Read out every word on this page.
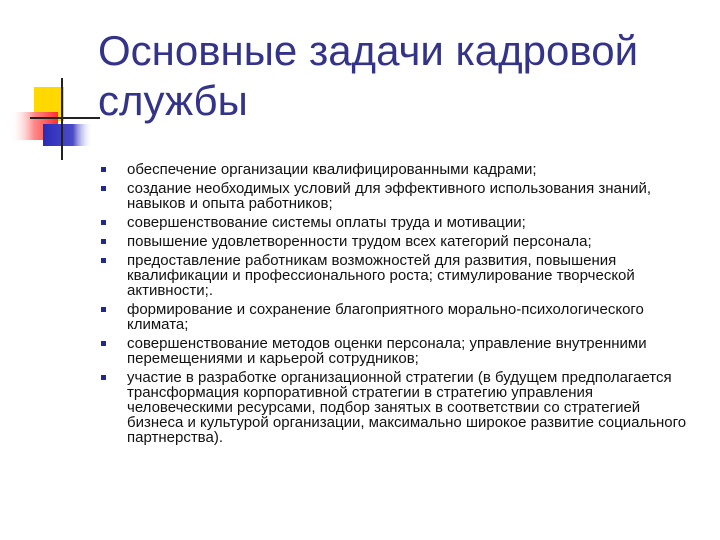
Основные задачи кадровой службы
обеспечение организации квалифицированными кадрами;
создание необходимых условий для эффективного использования знаний, навыков и опыта работников;
совершенствование системы оплаты труда и мотивации;
повышение удовлетворенности трудом всех категорий персонала;
предоставление работникам возможностей для развития, повышения квалификации и профессионального роста; стимулирование творческой активности;.
формирование и сохранение благоприятного морально-психологического климата;
совершенствование методов оценки персонала; управление внутренними перемещениями и карьерой сотрудников;
участие в разработке организационной стратегии (в будущем предполагается трансформация корпоративной стратегии в стратегию управления человеческими ресурсами, подбор занятых в соответствии со стратегией бизнеса и культурой организации, максимально широкое развитие социального партнерства).
